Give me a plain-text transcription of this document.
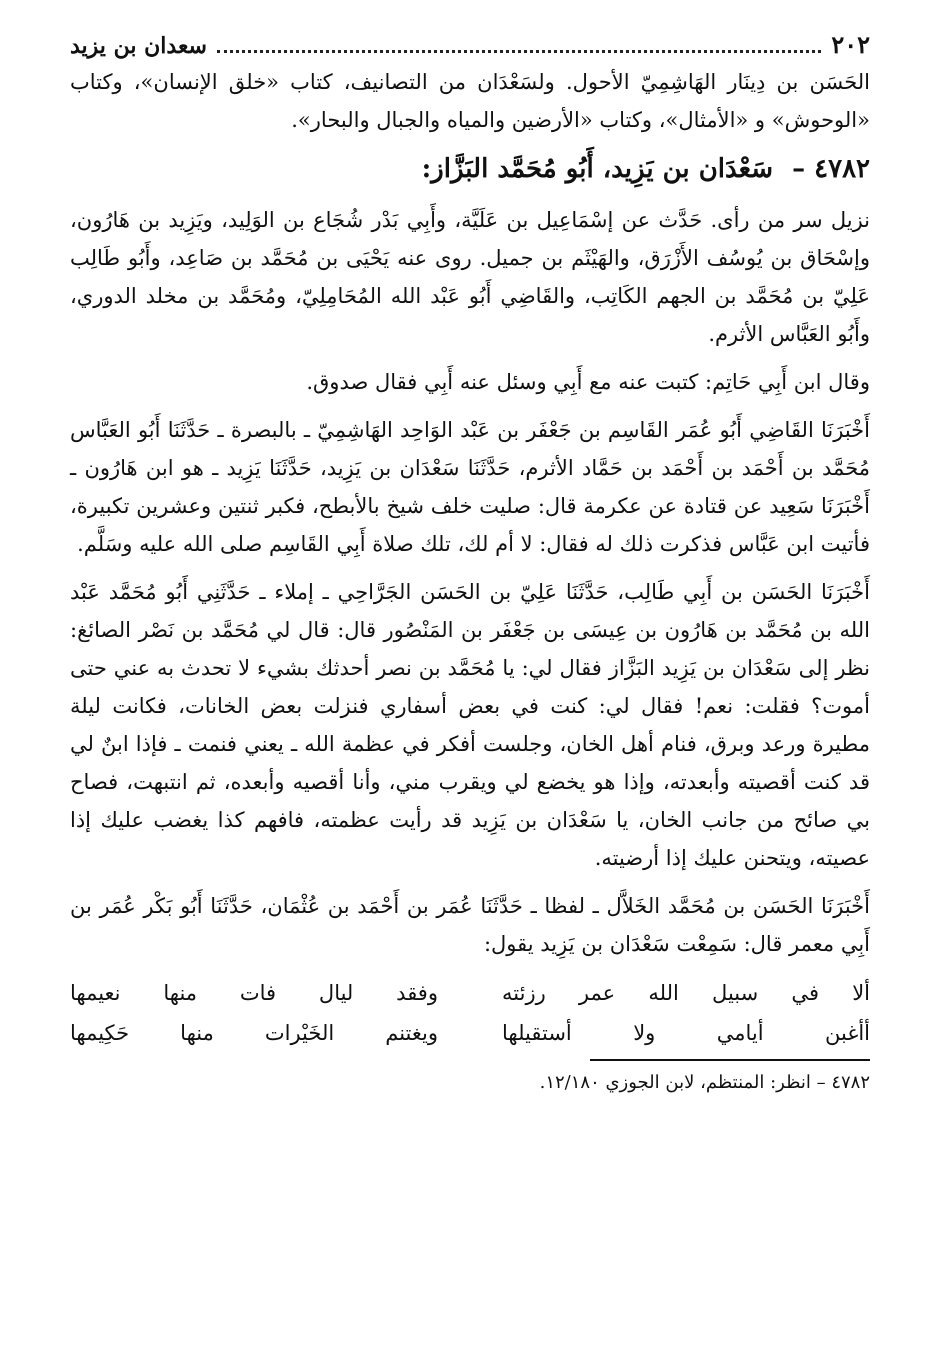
٢٠٢
سعدان بن يزيد

الحَسَن بن دِينَار الهَاشِمِيّ الأحول. ولسَعْدَان من التصانيف، كتاب «خلق الإنسان»، وكتاب «الوحوش» و «الأمثال»، وكتاب «الأرضين والمياه والجبال والبحار».

٤٧٨٢ – سَعْدَان بن يَزِيد، أَبُو مُحَمَّد البَزَّاز:

نزيل سر من رأى. حَدَّث عن إسْمَاعِيل بن عَلَيَّة، وأَبِي بَدْر شُجَاع بن الوَلِيد، ويَزِيد بن هَارُون، وإسْحَاق بن يُوسُف الأَزْرَق، والهَيْثَم بن جميل. روى عنه يَحْيَى بن مُحَمَّد بن صَاعِد، وأَبُو طَالِب عَلِيّ بن مُحَمَّد بن الجهم الكَاتِب، والقَاضِي أَبُو عَبْد الله المُحَامِلِيّ، ومُحَمَّد بن مخلد الدوري، وأَبُو العَبَّاس الأثرم.

وقال ابن أَبِي حَاتِم: كتبت عنه مع أَبِي وسئل عنه أَبِي فقال صدوق.

أَخْبَرَنَا القَاضِي أَبُو عُمَر القَاسِم بن جَعْفَر بن عَبْد الوَاحِد الهَاشِمِيّ ـ بالبصرة ـ حَدَّثَنَا أَبُو العَبَّاس مُحَمَّد بن أَحْمَد بن أَحْمَد بن حَمَّاد الأثرم، حَدَّثَنَا سَعْدَان بن يَزِيد، حَدَّثَنَا يَزِيد ـ هو ابن هَارُون ـ أَخْبَرَنَا سَعِيد عن قتادة عن عكرمة قال: صليت خلف شيخ بالأبطح، فكبر ثنتين وعشرين تكبيرة، فأتيت ابن عَبَّاس فذكرت ذلك له فقال: لا أم لك، تلك صلاة أَبِي القَاسِم صلى الله عليه وسَلَّم.

أَخْبَرَنَا الحَسَن بن أَبِي طَالِب، حَدَّثَنَا عَلِيّ بن الحَسَن الجَرَّاحِي ـ إملاء ـ حَدَّثَنِي أَبُو مُحَمَّد عَبْد الله بن مُحَمَّد بن هَارُون بن عِيسَى بن جَعْفَر بن المَنْصُور قال: قال لي مُحَمَّد بن نَصْر الصائغ: نظر إلى سَعْدَان بن يَزِيد البَزَّاز فقال لي: يا مُحَمَّد بن نصر أحدثك بشيء لا تحدث به عني حتى أموت؟ فقلت: نعم! فقال لي: كنت في بعض أسفاري فنزلت بعض الخانات، فكانت ليلة مطيرة ورعد وبرق، فنام أهل الخان، وجلست أفكر في عظمة الله ـ يعني فنمت ـ فإذا ابنٌ لي قد كنت أقصيته وأبعدته، وإذا هو يخضع لي ويقرب مني، وأنا أقصيه وأبعده، ثم انتبهت، فصاح بي صائح من جانب الخان، يا سَعْدَان بن يَزِيد قد رأيت عظمته، فافهم كذا يغضب عليك إذا عصيته، ويتحنن عليك إذا أرضيته.

أَخْبَرَنَا الحَسَن بن مُحَمَّد الخَلاَّل ـ لفظا ـ حَدَّثَنَا عُمَر بن أَحْمَد بن عُثْمَان، حَدَّثَنَا أَبُو بَكْر عُمَر بن أَبِي معمر قال: سَمِعْت سَعْدَان بن يَزِيد يقول:

ألا في سبيل الله عمر رزئته
وفقد ليال فات منها نعيمها
أأغبن أيامي ولا أستقيلها
ويغتنم الخَيْرات منها حَكِيمها
٤٧٨٢ – انظر: المنتظم، لابن الجوزي ١٢/١٨٠.
